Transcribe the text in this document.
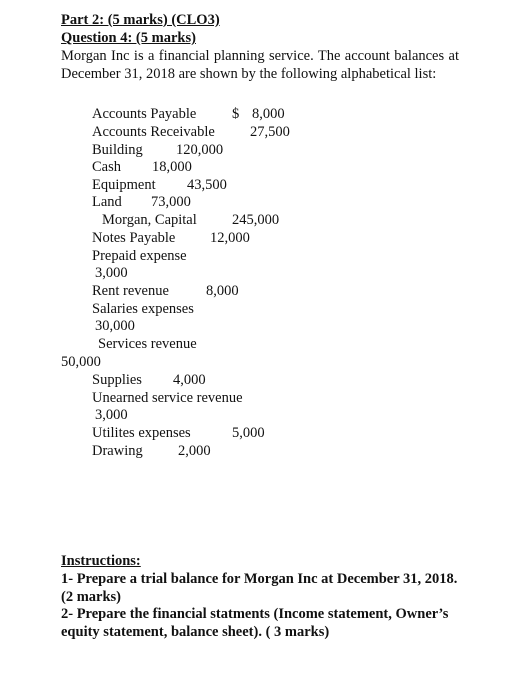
Part 2: (5 marks) (CLO3)
Question 4: (5 marks)
Morgan Inc is a financial planning service. The account balances at December 31, 2018 are shown by the following alphabetical list:
Accounts Payable $ 8,000
Accounts Receivable 27,500
Building 120,000
Cash 18,000
Equipment 43,500
Land 73,000
Morgan, Capital 245,000
Notes Payable 12,000
Prepaid expense
3,000
Rent revenue	8,000
Salaries expenses
30,000
Services revenue
50,000
Supplies 4,000
Unearned service revenue
3,000
Utilites expenses	5,000
Drawing 2,000
Instructions:
1- Prepare a trial balance for Morgan Inc at December 31, 2018. (2 marks)
2- Prepare the financial statments (Income statement, Owner’s equity statement, balance sheet). ( 3 marks)
